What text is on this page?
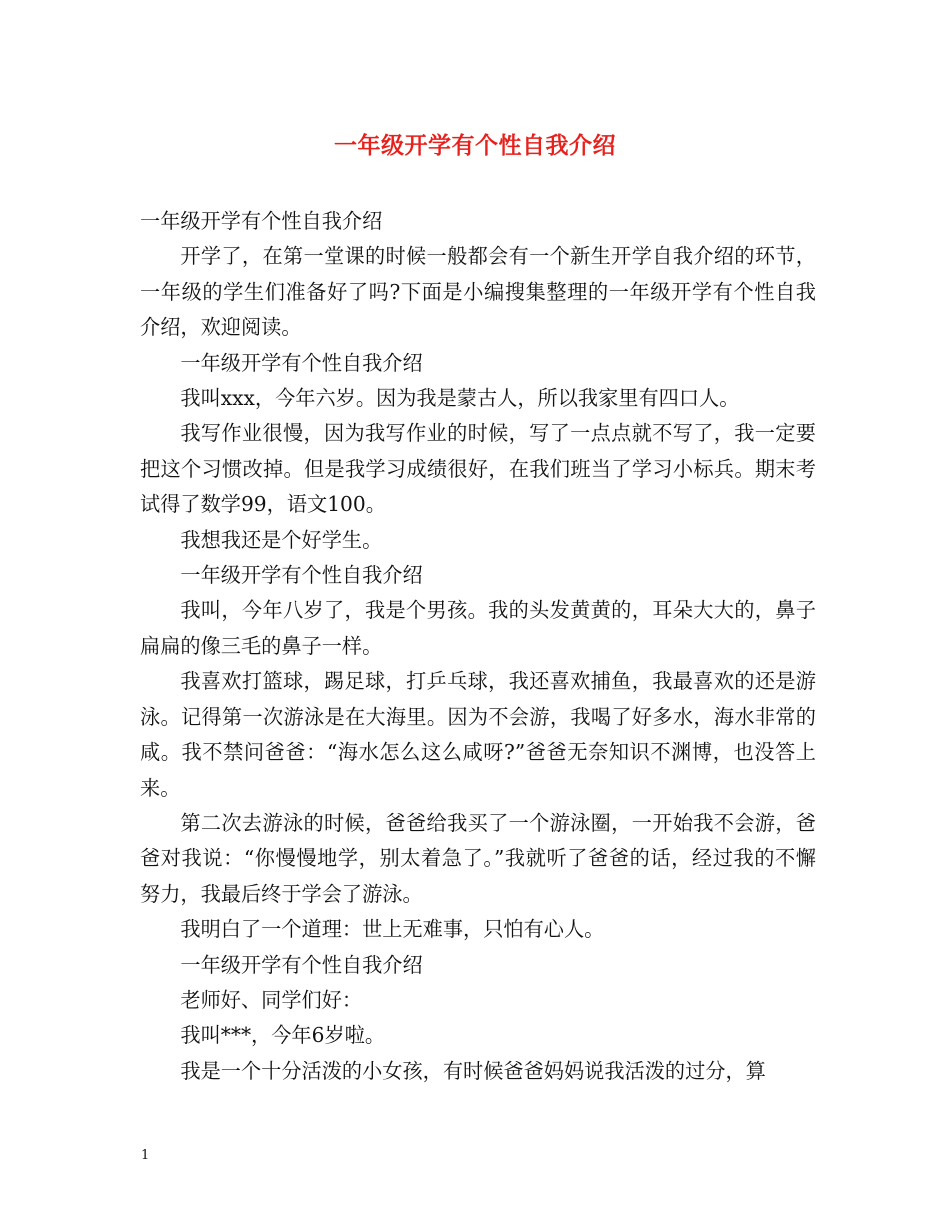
一年级开学有个性自我介绍

一年级开学有个性自我介绍

开学了，在第一堂课的时候一般都会有一个新生开学自我介绍的环节，一年级的学生们准备好了吗?下面是小编搜集整理的一年级开学有个性自我介绍，欢迎阅读。

一年级开学有个性自我介绍

我叫xxx，今年六岁。因为我是蒙古人，所以我家里有四口人。

我写作业很慢，因为我写作业的时候，写了一点点就不写了，我一定要把这个习惯改掉。但是我学习成绩很好，在我们班当了学习小标兵。期末考试得了数学99，语文100。

我想我还是个好学生。

一年级开学有个性自我介绍

我叫，今年八岁了，我是个男孩。我的头发黄黄的，耳朵大大的，鼻子扁扁的像三毛的鼻子一样。

我喜欢打篮球，踢足球，打乒乓球，我还喜欢捕鱼，我最喜欢的还是游泳。记得第一次游泳是在大海里。因为不会游，我喝了好多水，海水非常的咸。我不禁问爸爸：“海水怎么这么咸呀?”爸爸无奈知识不渊博，也没答上来。

第二次去游泳的时候，爸爸给我买了一个游泳圈，一开始我不会游，爸爸对我说：“你慢慢地学，别太着急了。”我就听了爸爸的话，经过我的不懈努力，我最后终于学会了游泳。

我明白了一个道理：世上无难事，只怕有心人。

一年级开学有个性自我介绍

老师好、同学们好：

我叫***，今年6岁啦。

我是一个十分活泼的小女孩，有时候爸爸妈妈说我活泼的过分，算

1
